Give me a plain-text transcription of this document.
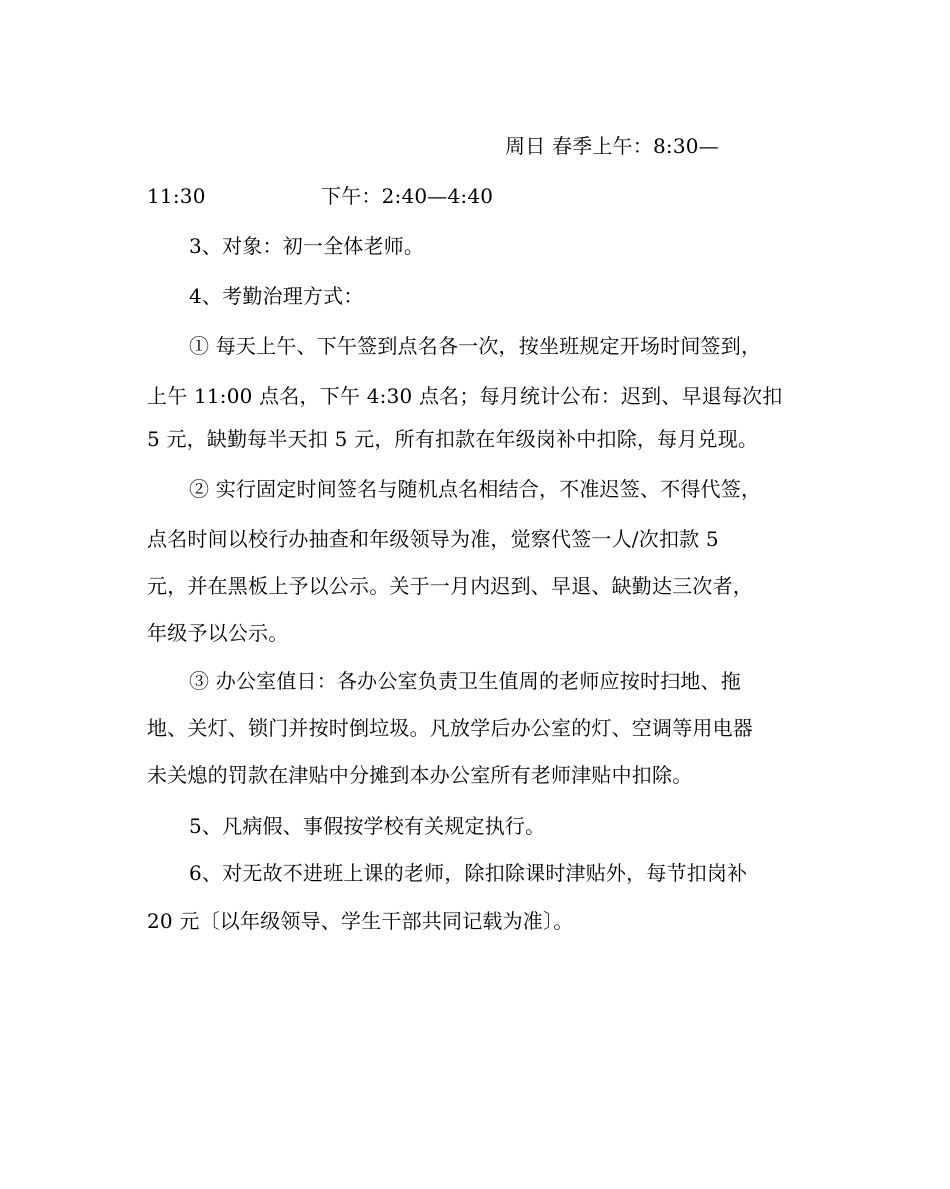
周日 春季上午：8:30—
11:30	下午：2:40—4:40
3、对象：初一全体老师。
4、考勤治理方式：
① 每天上午、下午签到点名各一次，按坐班规定开场时间签到，
上午 11:00 点名，下午 4:30 点名；每月统计公布：迟到、早退每次扣
5 元，缺勤每半天扣 5 元，所有扣款在年级岗补中扣除，每月兑现。
② 实行固定时间签名与随机点名相结合，不准迟签、不得代签，
点名时间以校行办抽查和年级领导为准，觉察代签一人/次扣款 5
元，并在黑板上予以公示。关于一月内迟到、早退、缺勤达三次者，
年级予以公示。
③ 办公室值日：各办公室负责卫生值周的老师应按时扫地、拖
地、关灯、锁门并按时倒垃圾。凡放学后办公室的灯、空调等用电器
未关熄的罚款在津贴中分摊到本办公室所有老师津贴中扣除。
5、凡病假、事假按学校有关规定执行。
6、对无故不进班上课的老师，除扣除课时津贴外，每节扣岗补
20 元〔以年级领导、学生干部共同记载为准〕。
